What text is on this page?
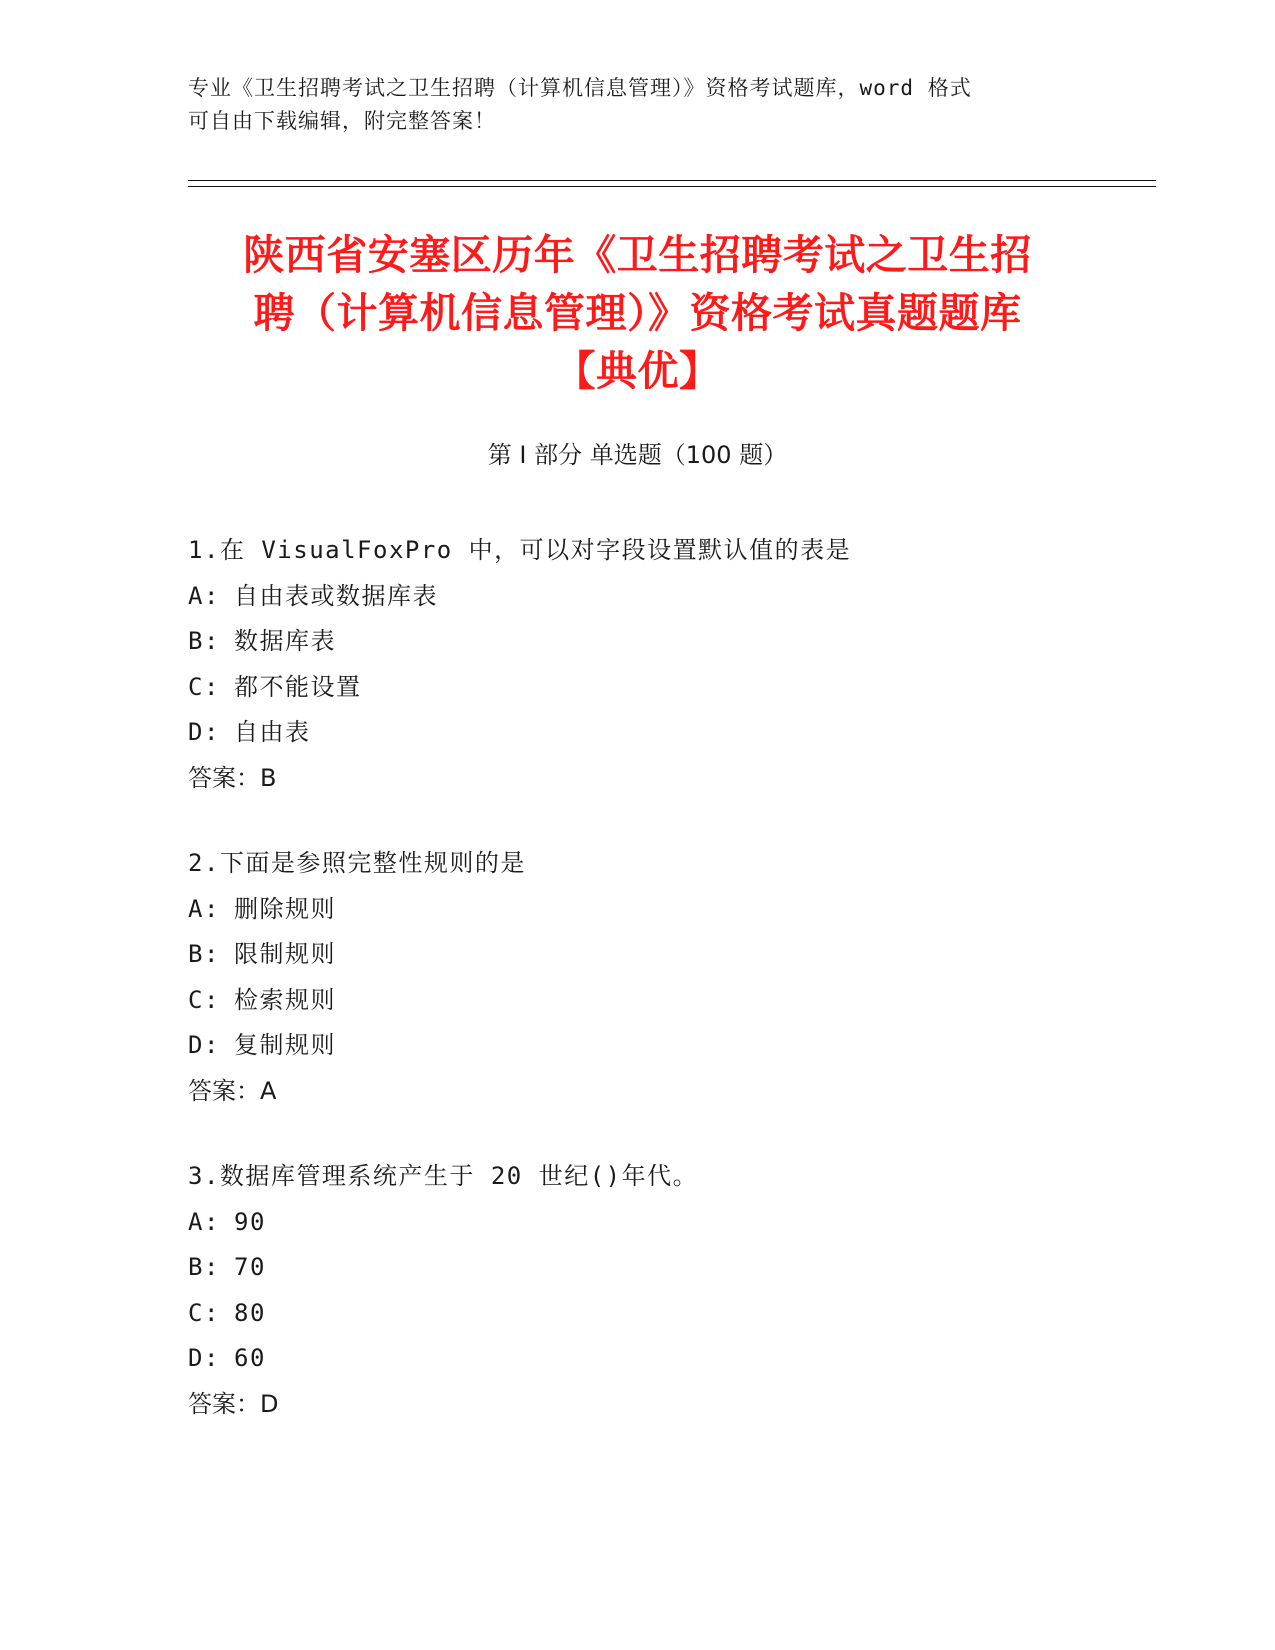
专业《卫生招聘考试之卫生招聘（计算机信息管理）》资格考试题库，word 格式
可自由下载编辑，附完整答案！
陕西省安塞区历年《卫生招聘考试之卫生招
聘（计算机信息管理）》资格考试真题题库
【典优】
第 I 部分 单选题（100 题）
1.在 VisualFoxPro 中，可以对字段设置默认值的表是
A: 自由表或数据库表
B: 数据库表
C: 都不能设置
D: 自由表
答案：B
2.下面是参照完整性规则的是
A: 删除规则
B: 限制规则
C: 检索规则
D: 复制规则
答案：A
3.数据库管理系统产生于 20 世纪()年代。
A: 90
B: 70
C: 80
D: 60
答案：D
